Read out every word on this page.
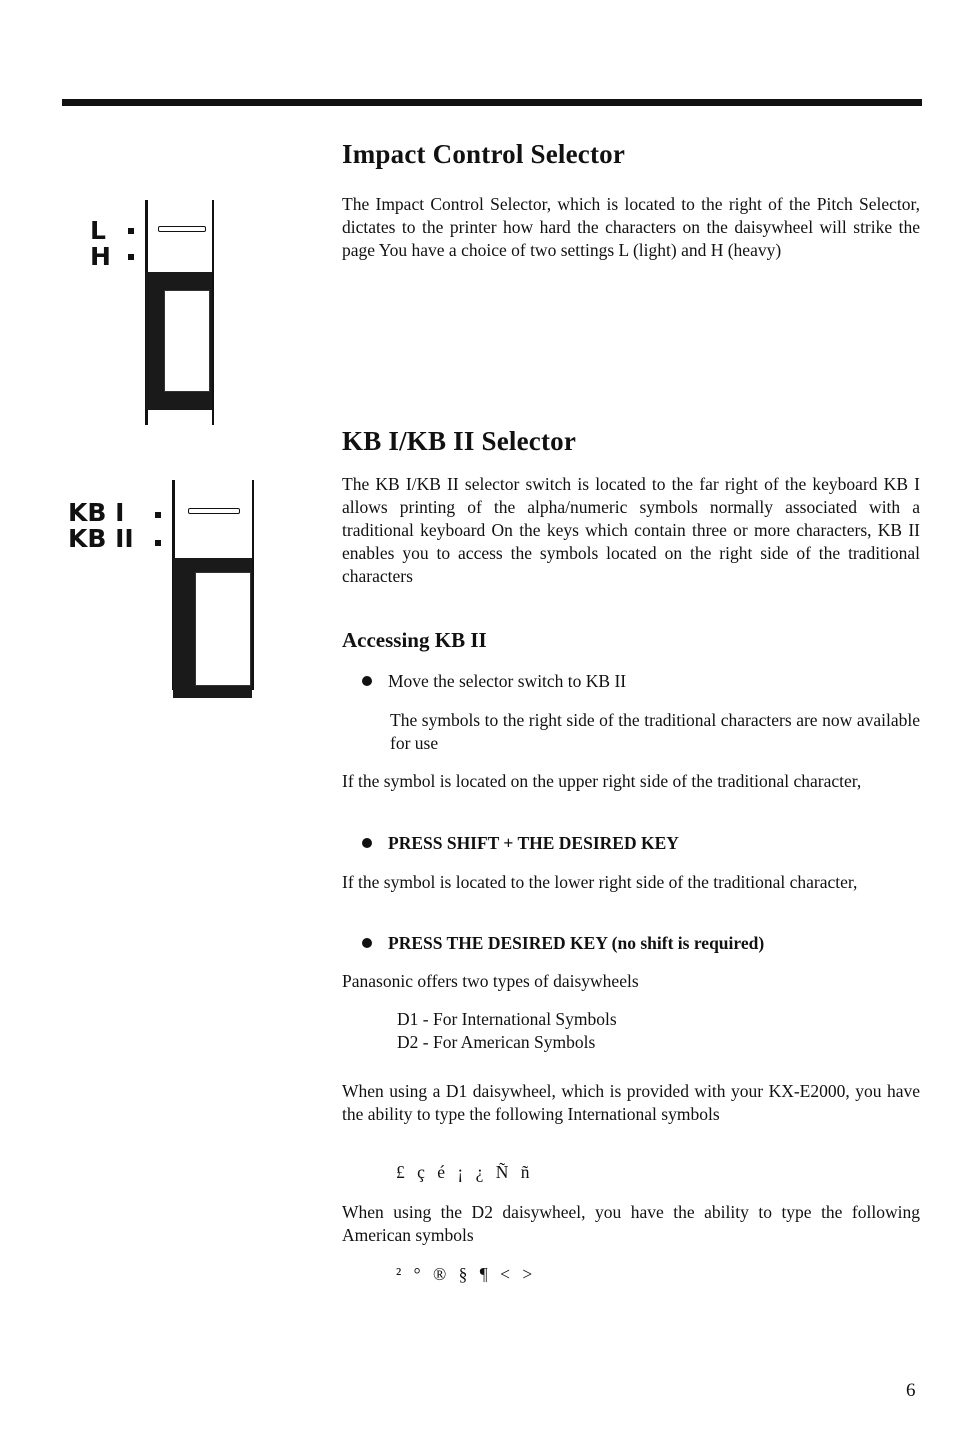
L
H
KB I
KB II
Impact Control Selector

The Impact Control Selector, which is located to the right of the Pitch Selector, dictates to the printer how hard the characters on the daisywheel will strike the page You have a choice of two settings L (light) and H (heavy)

KB I/KB II Selector

The KB I/KB II selector switch is located to the far right of the keyboard KB I allows printing of the alpha/numeric symbols normally associated with a traditional keyboard On the keys which contain three or more characters, KB II enables you to access the symbols located on the right side of the traditional characters

Accessing KB II
Move the selector switch to KB II

The symbols to the right side of the traditional characters are now available for use

If the symbol is located on the upper right side of the traditional character,

PRESS SHIFT + THE DESIRED KEY

If the symbol is located to the lower right side of the traditional character,

PRESS THE DESIRED KEY (no shift is required)

Panasonic offers two types of daisywheels

D1 - For International Symbols
D2 - For American Symbols

When using a D1 daisywheel, which is provided with your KX-E2000, you have the ability to type the following International symbols

£ ç é ¡ ¿ Ñ ñ

When using the D2 daisywheel, you have the ability to type the following American symbols

² ° ® § ¶ < >
6
